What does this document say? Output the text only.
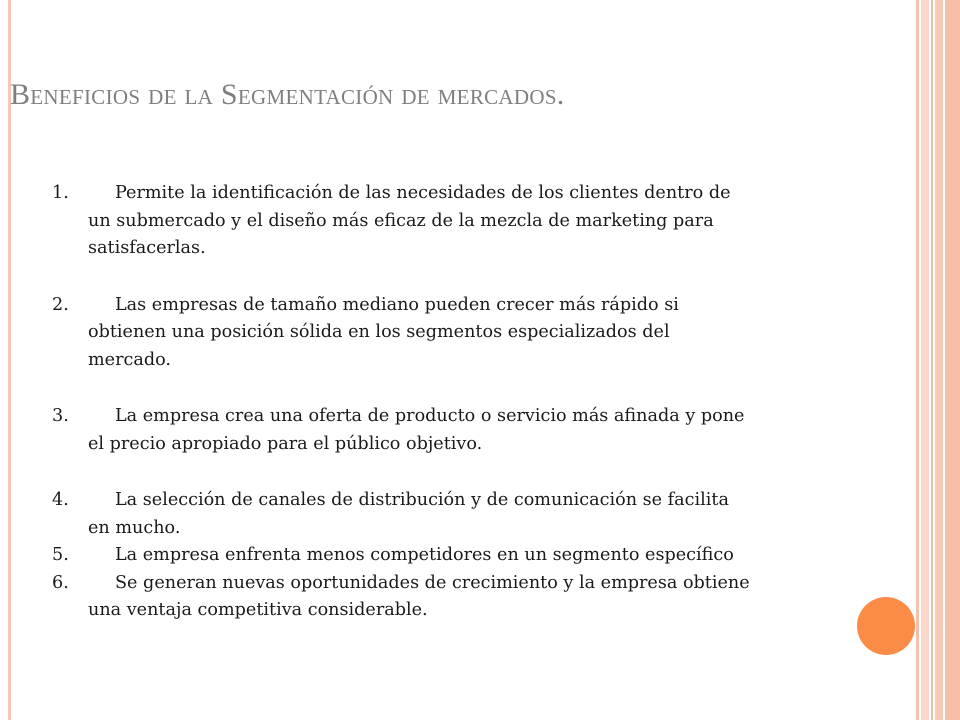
Beneficios de la Segmentación de mercados.
1.	Permite la identificación de las necesidades de los clientes dentro de
un submercado y el diseño más eficaz de la mezcla de marketing para
satisfacerlas.
2.	Las empresas de tamaño mediano pueden crecer más rápido si
obtienen una posición sólida en los segmentos especializados del
mercado.
3.	La empresa crea una oferta de producto o servicio más afinada y pone
el precio apropiado para el público objetivo.
4.	La selección de canales de distribución y de comunicación se facilita
en mucho.
5.	La empresa enfrenta menos competidores en un segmento específico
6.	Se generan nuevas oportunidades de crecimiento y la empresa obtiene
una ventaja competitiva considerable.
